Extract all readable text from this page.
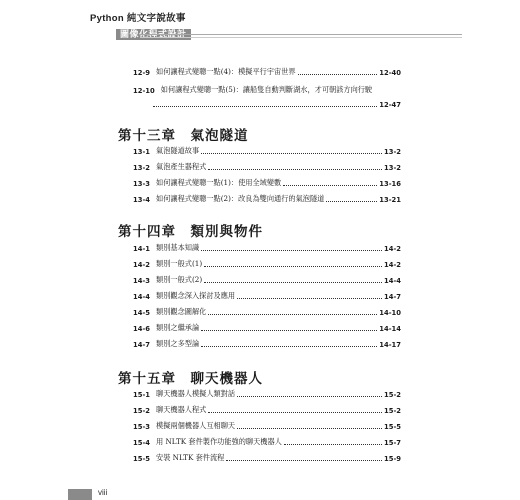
Python 純文字說故事
圖像化程式設計
12-9 如何讓程式變聰一點(4)：模擬平行宇宙世界	12-40
12-10 如何讓程式變聰一點(5)：讓船隻自動判斷湖水，才可朝該方向行駛
12-47
第十三章　氣泡隧道
13-1 氣泡隧道故事	13-2
13-2 氣泡產生器程式	13-2
13-3 如何讓程式變聰一點(1)：使用全域變數	13-16
13-4 如何讓程式變聰一點(2)：改良為雙向通行的氣泡隧道	13-21
第十四章　類別與物件
14-1 類別基本知識	14-2
14-2 類別一般式(1)	14-2
14-3 類別一般式(2)	14-4
14-4 類別觀念深入探討及應用	14-7
14-5 類別觀念圖解化	14-10
14-6 類別之繼承論	14-14
14-7 類別之多型論	14-17
第十五章　聊天機器人
15-1 聊天機器人模擬人類對話	15-2
15-2 聊天機器人程式	15-2
15-3 模擬兩個機器人互相聊天	15-5
15-4 用 NLTK 套件製作功能強的聊天機器人	15-7
15-5 安裝 NLTK 套件流程	15-9
viii
